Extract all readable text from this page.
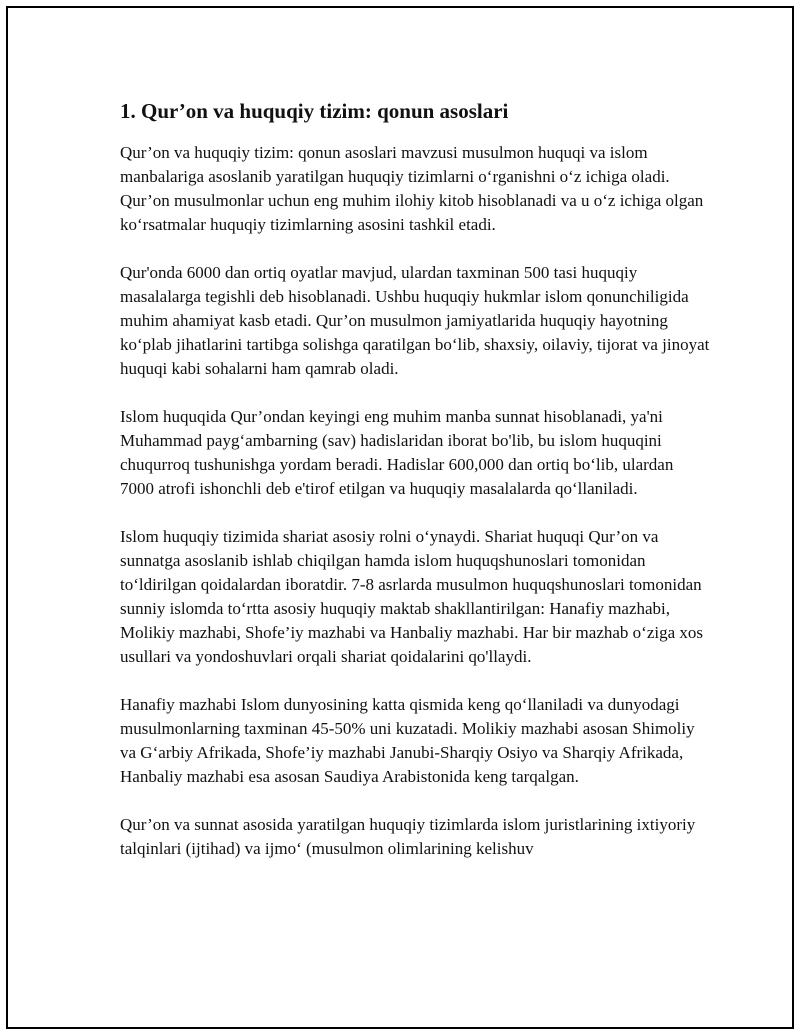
1. Qur’on va huquqiy tizim: qonun asoslari

Qur’on va huquqiy tizim: qonun asoslari mavzusi musulmon huquqi va islom manbalariga asoslanib yaratilgan huquqiy tizimlarni o‘rganishni o‘z ichiga oladi. Qur’on musulmonlar uchun eng muhim ilohiy kitob hisoblanadi va u o‘z ichiga olgan ko‘rsatmalar huquqiy tizimlarning asosini tashkil etadi.

Qur'onda 6000 dan ortiq oyatlar mavjud, ulardan taxminan 500 tasi huquqiy masalalarga tegishli deb hisoblanadi. Ushbu huquqiy hukmlar islom qonunchiligida muhim ahamiyat kasb etadi. Qur’on musulmon jamiyatlarida huquqiy hayotning ko‘plab jihatlarini tartibga solishga qaratilgan bo‘lib, shaxsiy, oilaviy, tijorat va jinoyat huquqi kabi sohalarni ham qamrab oladi.

Islom huquqida Qur’ondan keyingi eng muhim manba sunnat hisoblanadi, ya'ni Muhammad payg‘ambarning (sav) hadislaridan iborat bo'lib, bu islom huquqini chuqurroq tushunishga yordam beradi. Hadislar 600,000 dan ortiq bo‘lib, ulardan 7000 atrofi ishonchli deb e'tirof etilgan va huquqiy masalalarda qo‘llaniladi.

Islom huquqiy tizimida shariat asosiy rolni o‘ynaydi. Shariat huquqi Qur’on va sunnatga asoslanib ishlab chiqilgan hamda islom huquqshunoslari tomonidan to‘ldirilgan qoidalardan iboratdir. 7-8 asrlarda musulmon huquqshunoslari tomonidan sunniy islomda to‘rtta asosiy huquqiy maktab shakllantirilgan: Hanafiy mazhabi, Molikiy mazhabi, Shofe’iy mazhabi va Hanbaliy mazhabi. Har bir mazhab o‘ziga xos usullari va yondoshuvlari orqali shariat qoidalarini qo'llaydi.

Hanafiy mazhabi Islom dunyosining katta qismida keng qo‘llaniladi va dunyodagi musulmonlarning taxminan 45-50% uni kuzatadi. Molikiy mazhabi asosan Shimoliy va G‘arbiy Afrikada, Shofe’iy mazhabi Janubi-Sharqiy Osiyo va Sharqiy Afrikada, Hanbaliy mazhabi esa asosan Saudiya Arabistonida keng tarqalgan.

Qur’on va sunnat asosida yaratilgan huquqiy tizimlarda islom juristlarining ixtiyoriy talqinlari (ijtihad) va ijmo‘ (musulmon olimlarining kelishuv
